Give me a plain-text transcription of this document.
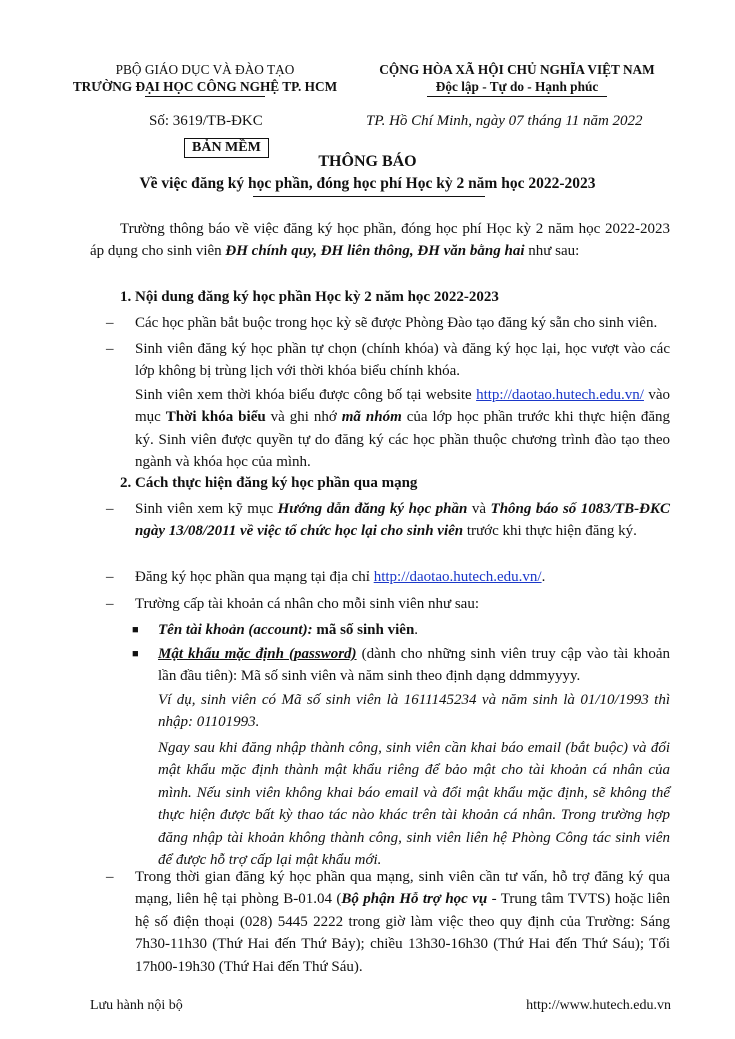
PBỘ GIÁO DỤC VÀ ĐÀO TẠO
TRƯỜNG ĐẠI HỌC CÔNG NGHỆ TP. HCM
CỘNG HÒA XÃ HỘI CHỦ NGHĨA VIỆT NAM
Độc lập - Tự do - Hạnh phúc
Số: 3619/TB-ĐKC	TP. Hồ Chí Minh, ngày 07 tháng 11 năm 2022
BẢN MỀM
THÔNG BÁO
Về việc đăng ký học phần, đóng học phí Học kỳ 2 năm học 2022-2023
Trường thông báo về việc đăng ký học phần, đóng học phí Học kỳ 2 năm học 2022-2023 áp dụng cho sinh viên ĐH chính quy, ĐH liên thông, ĐH văn bằng hai như sau:
1. Nội dung đăng ký học phần Học kỳ 2 năm học 2022-2023
– Các học phần bắt buộc trong học kỳ sẽ được Phòng Đào tạo đăng ký sẵn cho sinh viên.
– Sinh viên đăng ký học phần tự chọn (chính khóa) và đăng ký học lại, học vượt vào các lớp không bị trùng lịch với thời khóa biểu chính khóa.
Sinh viên xem thời khóa biểu được công bố tại website http://daotao.hutech.edu.vn/ vào mục Thời khóa biểu và ghi nhớ mã nhóm của lớp học phần trước khi thực hiện đăng ký. Sinh viên được quyền tự do đăng ký các học phần thuộc chương trình đào tạo theo ngành và khóa học của mình.
2. Cách thực hiện đăng ký học phần qua mạng
– Sinh viên xem kỹ mục Hướng dẫn đăng ký học phần và Thông báo số 1083/TB-ĐKC ngày 13/08/2011 về việc tổ chức học lại cho sinh viên trước khi thực hiện đăng ký.
– Đăng ký học phần qua mạng tại địa chỉ http://daotao.hutech.edu.vn/.
– Trường cấp tài khoản cá nhân cho mỗi sinh viên như sau:
■ Tên tài khoản (account): mã số sinh viên.
■ Mật khẩu mặc định (password) (dành cho những sinh viên truy cập vào tài khoản lần đầu tiên): Mã số sinh viên và năm sinh theo định dạng ddmmyyyy.
Ví dụ, sinh viên có Mã số sinh viên là 1611145234 và năm sinh là 01/10/1993 thì nhập: 01101993.
Ngay sau khi đăng nhập thành công, sinh viên cần khai báo email (bắt buộc) và đổi mật khẩu mặc định thành mật khẩu riêng để bảo mật cho tài khoản cá nhân của mình. Nếu sinh viên không khai báo email và đổi mật khẩu mặc định, sẽ không thể thực hiện được bất kỳ thao tác nào khác trên tài khoản cá nhân. Trong trường hợp đăng nhập tài khoản không thành công, sinh viên liên hệ Phòng Công tác sinh viên để được hỗ trợ cấp lại mật khẩu mới.
– Trong thời gian đăng ký học phần qua mạng, sinh viên cần tư vấn, hỗ trợ đăng ký qua mạng, liên hệ tại phòng B-01.04 (Bộ phận Hỗ trợ học vụ - Trung tâm TVTS) hoặc liên hệ số điện thoại (028) 5445 2222 trong giờ làm việc theo quy định của Trường: Sáng 7h30-11h30 (Thứ Hai đến Thứ Bảy); chiều 13h30-16h30 (Thứ Hai đến Thứ Sáu); Tối 17h00-19h30 (Thứ Hai đến Thứ Sáu).
Lưu hành nội bộ	http://www.hutech.edu.vn
